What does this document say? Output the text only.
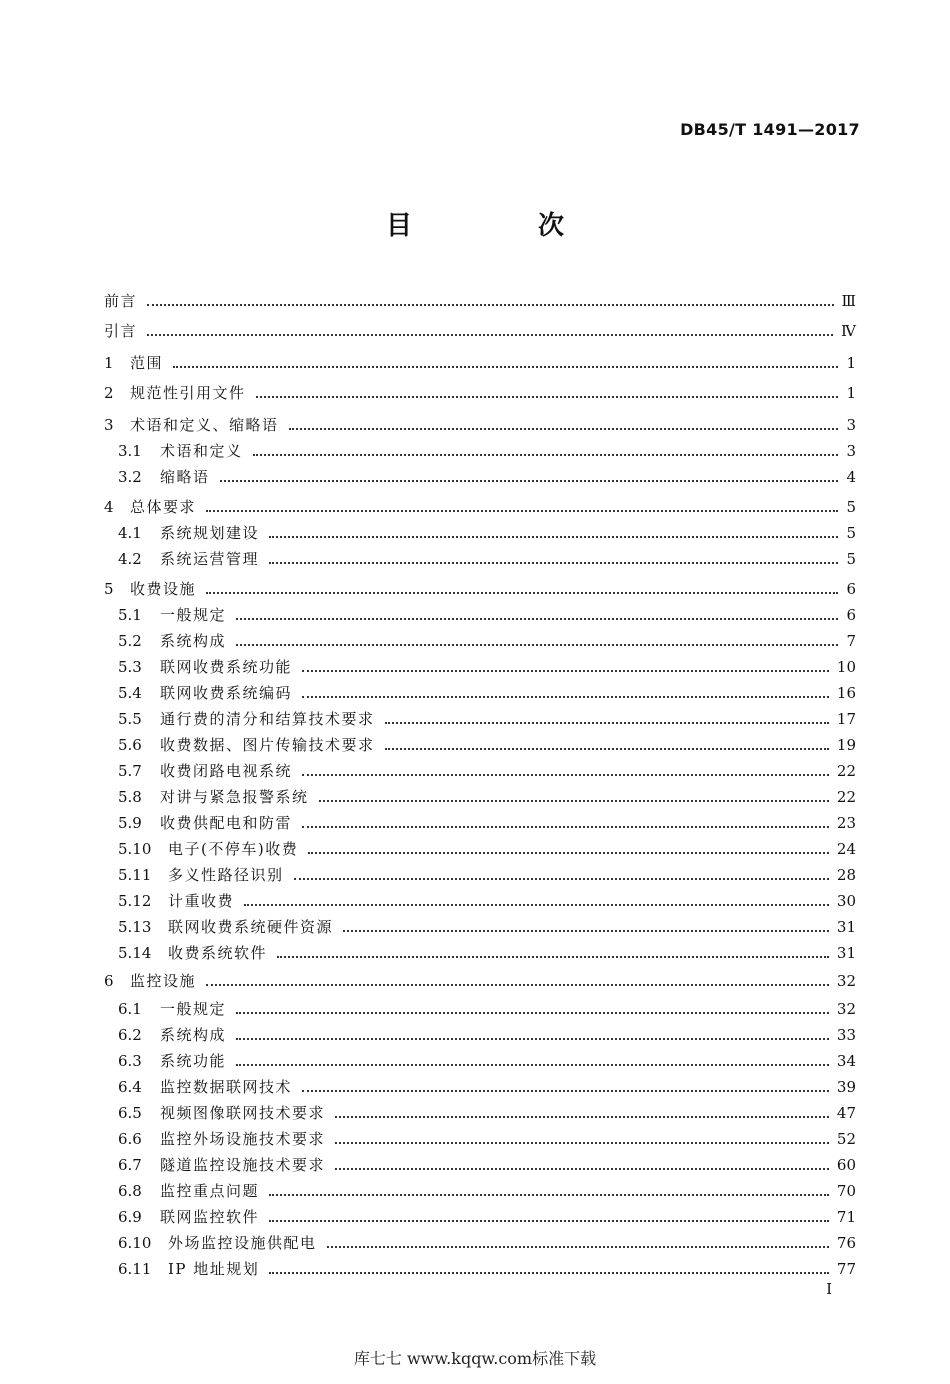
DB45/T 1491—2017
目　次
前言	Ⅲ
引言	Ⅳ
1 范围	1
2 规范性引用文件	1
3 术语和定义、缩略语	3
3.1 术语和定义	3
3.2 缩略语	4
4 总体要求	5
4.1 系统规划建设	5
4.2 系统运营管理	5
5 收费设施	6
5.1 一般规定	6
5.2 系统构成	7
5.3 联网收费系统功能	10
5.4 联网收费系统编码	16
5.5 通行费的清分和结算技术要求	17
5.6 收费数据、图片传输技术要求	19
5.7 收费闭路电视系统	22
5.8 对讲与紧急报警系统	22
5.9 收费供配电和防雷	23
5.10 电子(不停车)收费	24
5.11 多义性路径识别	28
5.12 计重收费	30
5.13 联网收费系统硬件资源	31
5.14 收费系统软件	31
6 监控设施	32
6.1 一般规定	32
6.2 系统构成	33
6.3 系统功能	34
6.4 监控数据联网技术	39
6.5 视频图像联网技术要求	47
6.6 监控外场设施技术要求	52
6.7 隧道监控设施技术要求	60
6.8 监控重点问题	70
6.9 联网监控软件	71
6.10 外场监控设施供配电	76
6.11 IP 地址规划	77
I
库七七 www.kqqw.com标准下载
